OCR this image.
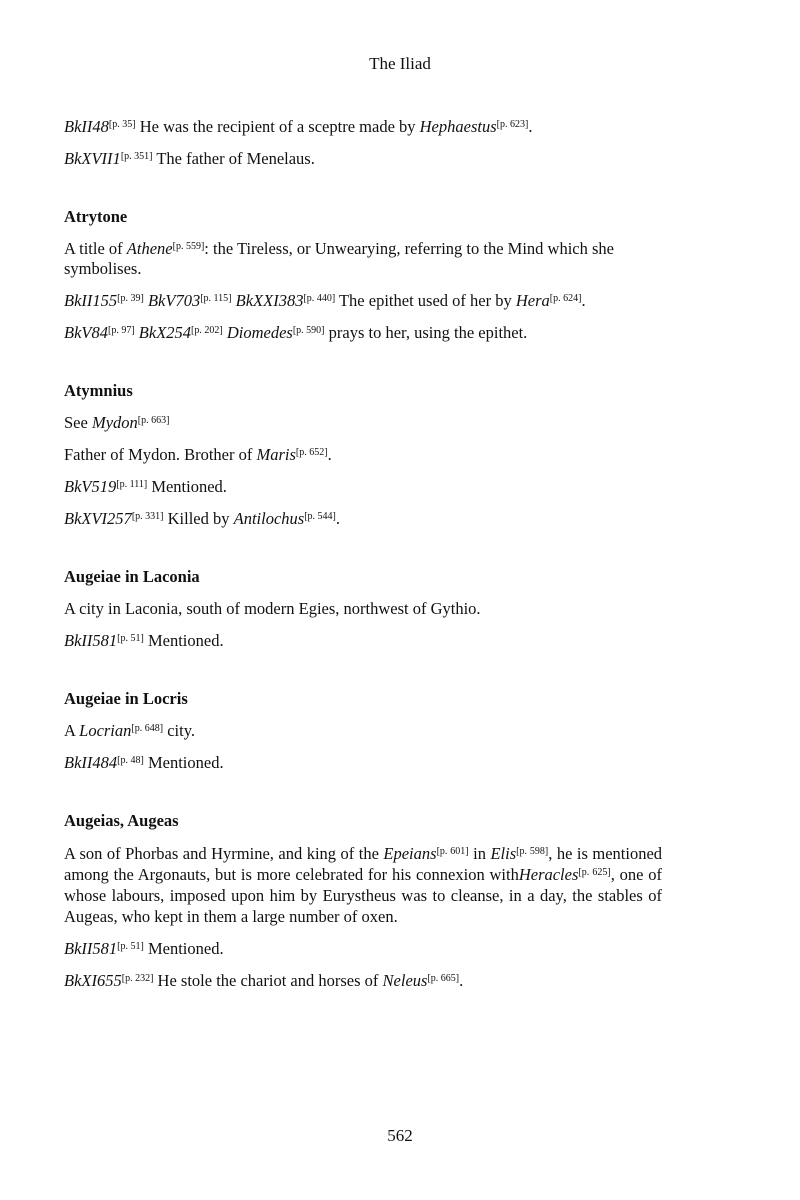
The Iliad

BkII48[p. 35] He was the recipient of a sceptre made by Hephaestus[p. 623].

BkXVII1[p. 351] The father of Menelaus.

Atrytone

A title of Athene[p. 559]: the Tireless, or Unwearying, referring to the Mind which she symbolises.

BkII155[p. 39] BkV703[p. 115] BkXXI383[p. 440] The epithet used of her by Hera[p. 624].

BkV84[p. 97] BkX254[p. 202] Diomedes[p. 590] prays to her, using the epithet.

Atymnius

See Mydon[p. 663]

Father of Mydon. Brother of Maris[p. 652].

BkV519[p. 111] Mentioned.

BkXVI257[p. 331] Killed by Antilochus[p. 544].

Augeiae in Laconia

A city in Laconia, south of modern Egies, northwest of Gythio.

BkII581[p. 51] Mentioned.

Augeiae in Locris

A Locrian[p. 648] city.

BkII484[p. 48] Mentioned.

Augeias, Augeas

A son of Phorbas and Hyrmine, and king of the Epeians[p. 601] in Elis[p. 598], he is mentioned among the Argonauts, but is more celebrated for his connexion withHeracles[p. 625], one of whose labours, imposed upon him by Eurystheus was to cleanse, in a day, the stables of Augeas, who kept in them a large number of oxen.

BkII581[p. 51] Mentioned.

BkXI655[p. 232] He stole the chariot and horses of Neleus[p. 665].

562
